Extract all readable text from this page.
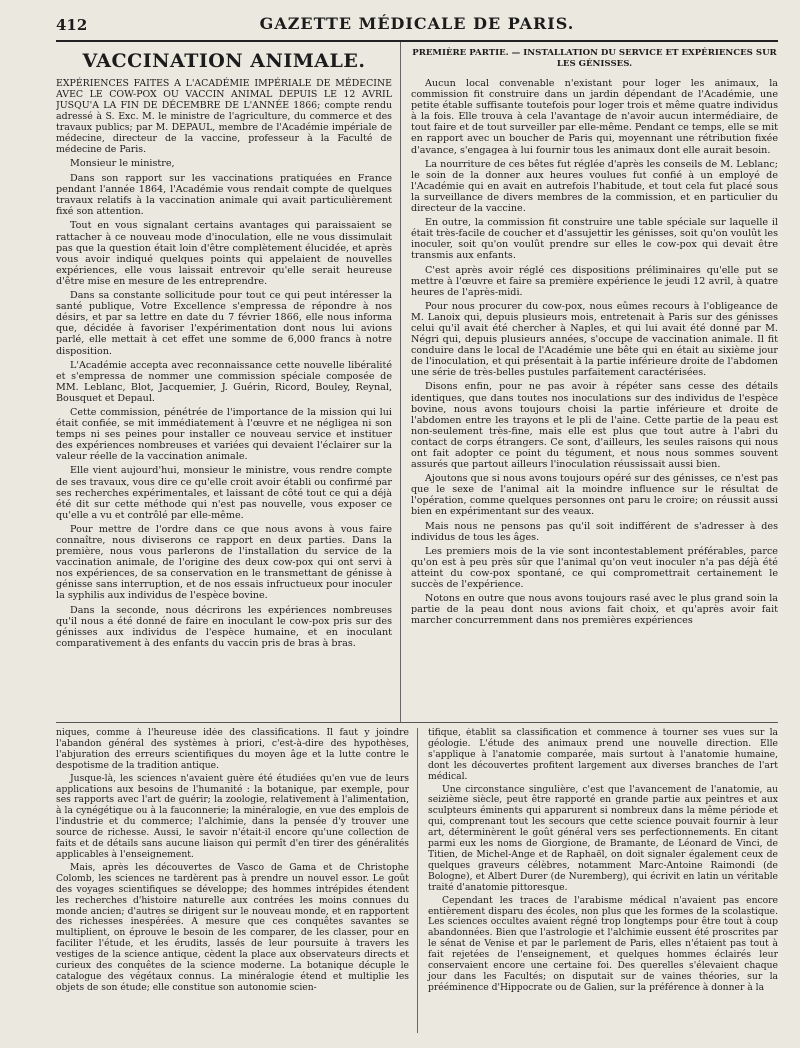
412	GAZETTE MÉDICALE DE PARIS.
VACCINATION ANIMALE.

EXPÉRIENCES FAITES A L'ACADÉMIE IMPÉRIALE DE MÉDECINE AVEC LE COW-POX OU VACCIN ANIMAL DEPUIS LE 12 AVRIL JUSQU'A LA FIN DE DÉCEMBRE DE L'ANNÉE 1866; compte rendu adressé à S. Exc. M. le ministre de l'agriculture, du commerce et des travaux publics; par M. DEPAUL, membre de l'Académie impériale de médecine, directeur de la vaccine, professeur à la Faculté de médecine de Paris.

Monsieur le ministre,

Dans son rapport sur les vaccinations pratiquées en France pendant l'année 1864, l'Académie vous rendait compte de quelques travaux relatifs à la vaccination animale qui avait particulièrement fixé son attention.

Tout en vous signalant certains avantages qui paraissaient se rattacher à ce nouveau mode d'inoculation, elle ne vous dissimulait pas que la question était loin d'être complètement élucidée, et après vous avoir indiqué quelques points qui appelaient de nouvelles expériences, elle vous laissait entrevoir qu'elle serait heureuse d'être mise en mesure de les entreprendre.

Dans sa constante sollicitude pour tout ce qui peut intéresser la santé publique, Votre Excellence s'empressa de répondre à nos désirs, et par sa lettre en date du 7 février 1866, elle nous informa que, décidée à favoriser l'expérimentation dont nous lui avions parlé, elle mettait à cet effet une somme de 6,000 francs à notre disposition.

L'Académie accepta avec reconnaissance cette nouvelle libéralité et s'empressa de nommer une commission spéciale composée de MM. Leblanc, Blot, Jacquemier, J. Guérin, Ricord, Bouley, Reynal, Bousquet et Depaul.

Cette commission, pénétrée de l'importance de la mission qui lui était confiée, se mit immédiatement à l'œuvre et ne négligea ni son temps ni ses peines pour installer ce nouveau service et instituer des expériences nombreuses et variées qui devaient l'éclairer sur la valeur réelle de la vaccination animale.

Elle vient aujourd'hui, monsieur le ministre, vous rendre compte de ses travaux, vous dire ce qu'elle croit avoir établi ou confirmé par ses recherches expérimentales, et laissant de côté tout ce qui a déjà été dit sur cette méthode qui n'est pas nouvelle, vous exposer ce qu'elle a vu et contrôlé par elle-même.

Pour mettre de l'ordre dans ce que nous avons à vous faire connaître, nous diviserons ce rapport en deux parties. Dans la première, nous vous parlerons de l'installation du service de la vaccination animale, de l'origine des deux cow-pox qui ont servi à nos expériences, de sa conservation en le transmettant de génisse à génisse sans interruption, et de nos essais infructueux pour inoculer la syphilis aux individus de l'espèce bovine.

Dans la seconde, nous décrirons les expériences nombreuses qu'il nous a été donné de faire en inoculant le cow-pox pris sur des génisses aux individus de l'espèce humaine, et en inoculant comparativement à des enfants du vaccin pris de bras à bras.

PREMIÈRE PARTIE. — INSTALLATION DU SERVICE ET EXPÉRIENCES SUR LES GÉNISSES.

Aucun local convenable n'existant pour loger les animaux, la commission fit construire dans un jardin dépendant de l'Académie, une petite étable suffisante toutefois pour loger trois et même quatre individus à la fois. Elle trouva à cela l'avantage de n'avoir aucun intermédiaire, de tout faire et de tout surveiller par elle-même. Pendant ce temps, elle se mit en rapport avec un boucher de Paris qui, moyennant une rétribution fixée d'avance, s'engagea à lui fournir tous les animaux dont elle aurait besoin.

La nourriture de ces bêtes fut réglée d'après les conseils de M. Leblanc; le soin de la donner aux heures voulues fut confié à un employé de l'Académie qui en avait en autrefois l'habitude, et tout cela fut placé sous la surveillance de divers membres de la commission, et en particulier du directeur de la vaccine.

En outre, la commission fit construire une table spéciale sur laquelle il était très-facile de coucher et d'assujettir les génisses, soit qu'on voulût les inoculer, soit qu'on voulût prendre sur elles le cow-pox qui devait être transmis aux enfants.

C'est après avoir réglé ces dispositions préliminaires qu'elle put se mettre à l'œuvre et faire sa première expérience le jeudi 12 avril, à quatre heures de l'après-midi.

Pour nous procurer du cow-pox, nous eûmes recours à l'obligeance de M. Lanoix qui, depuis plusieurs mois, entretenait à Paris sur des génisses celui qu'il avait été chercher à Naples, et qui lui avait été donné par M. Négri qui, depuis plusieurs années, s'occupe de vaccination animale. Il fit conduire dans le local de l'Académie une bête qui en était au sixième jour de l'inoculation, et qui présentait à la partie inférieure droite de l'abdomen une série de très-belles pustules parfaitement caractérisées.

Disons enfin, pour ne pas avoir à répéter sans cesse des détails identiques, que dans toutes nos inoculations sur des individus de l'espèce bovine, nous avons toujours choisi la partie inférieure et droite de l'abdomen entre les trayons et le pli de l'aine. Cette partie de la peau est non-seulement très-fine, mais elle est plus que tout autre à l'abri du contact de corps étrangers. Ce sont, d'ailleurs, les seules raisons qui nous ont fait adopter ce point du tégument, et nous nous sommes souvent assurés que partout ailleurs l'inoculation réussissait aussi bien.

Ajoutons que si nous avons toujours opéré sur des génisses, ce n'est pas que le sexe de l'animal ait la moindre influence sur le résultat de l'opération, comme quelques personnes ont paru le croire; on réussit aussi bien en expérimentant sur des veaux.

Mais nous ne pensons pas qu'il soit indifférent de s'adresser à des individus de tous les âges.

Les premiers mois de la vie sont incontestablement préférables, parce qu'on est à peu près sûr que l'animal qu'on veut inoculer n'a pas déjà été atteint du cow-pox spontané, ce qui compromettrait certainement le succès de l'expérience.

Notons en outre que nous avons toujours rasé avec le plus grand soin la partie de la peau dont nous avions fait choix, et qu'après avoir fait marcher concurremment dans nos premières expériences

niques, comme à l'heureuse idée des classifications. Il faut y joindre l'abandon général des systèmes à priori, c'est-à-dire des hypothèses, l'abjuration des erreurs scientifiques du moyen âge et la lutte contre le despotisme de la tradition antique.

Jusque-là, les sciences n'avaient guère été étudiées qu'en vue de leurs applications aux besoins de l'humanité : la botanique, par exemple, pour ses rapports avec l'art de guérir; la zoologie, relativement à l'alimentation, à la cynégétique ou à la fauconnerie; la minéralogie, en vue des emplois de l'industrie et du commerce; l'alchimie, dans la pensée d'y trouver une source de richesse. Aussi, le savoir n'était-il encore qu'une collection de faits et de détails sans aucune liaison qui permît d'en tirer des généralités applicables à l'enseignement.

Mais, après les découvertes de Vasco de Gama et de Christophe Colomb, les sciences ne tardèrent pas à prendre un nouvel essor. Le goût des voyages scientifiques se développe; des hommes intrépides étendent les recherches d'histoire naturelle aux contrées les moins connues du monde ancien; d'autres se dirigent sur le nouveau monde, et en rapportent des richesses inespérées. A mesure que ces conquêtes savantes se multiplient, on éprouve le besoin de les comparer, de les classer, pour en faciliter l'étude, et les érudits, lassés de leur poursuite à travers les vestiges de la science antique, cèdent la place aux observateurs directs et curieux des conquêtes de la science moderne. La botanique décuple le catalogue des végétaux connus. La minéralogie étend et multiplie les objets de son étude; elle constitue son autonomie scien-

tifique, établit sa classification et commence à tourner ses vues sur la géologie. L'étude des animaux prend une nouvelle direction. Elle s'applique à l'anatomie comparée, mais surtout à l'anatomie humaine, dont les découvertes profitent largement aux diverses branches de l'art médical.

Une circonstance singulière, c'est que l'avancement de l'anatomie, au seizième siècle, peut être rapporté en grande partie aux peintres et aux sculpteurs éminents qui apparurent si nombreux dans la même période et qui, comprenant tout les secours que cette science pouvait fournir à leur art, déterminèrent le goût général vers ses perfectionnements. En citant parmi eux les noms de Giorgione, de Bramante, de Léonard de Vinci, de Titien, de Michel-Ange et de Raphaël, on doit signaler également ceux de quelques graveurs célèbres, notamment Marc-Antoine Raimondi (de Bologne), et Albert Durer (de Nuremberg), qui écrivit en latin un véritable traité d'anatomie pittoresque.

Cependant les traces de l'arabisme médical n'avaient pas encore entièrement disparu des écoles, non plus que les formes de la scolastique. Les sciences occultes avaient régné trop longtemps pour être tout à coup abandonnées. Bien que l'astrologie et l'alchimie eussent été proscrites par le sénat de Venise et par le parlement de Paris, elles n'étaient pas tout à fait rejetées de l'enseignement, et quelques hommes éclairés leur conservaient encore une certaine foi. Des querelles s'élevaient chaque jour dans les Facultés; on disputait sur de vaines théories, sur la prééminence d'Hippocrate ou de Galien, sur la préférence à donner à la
